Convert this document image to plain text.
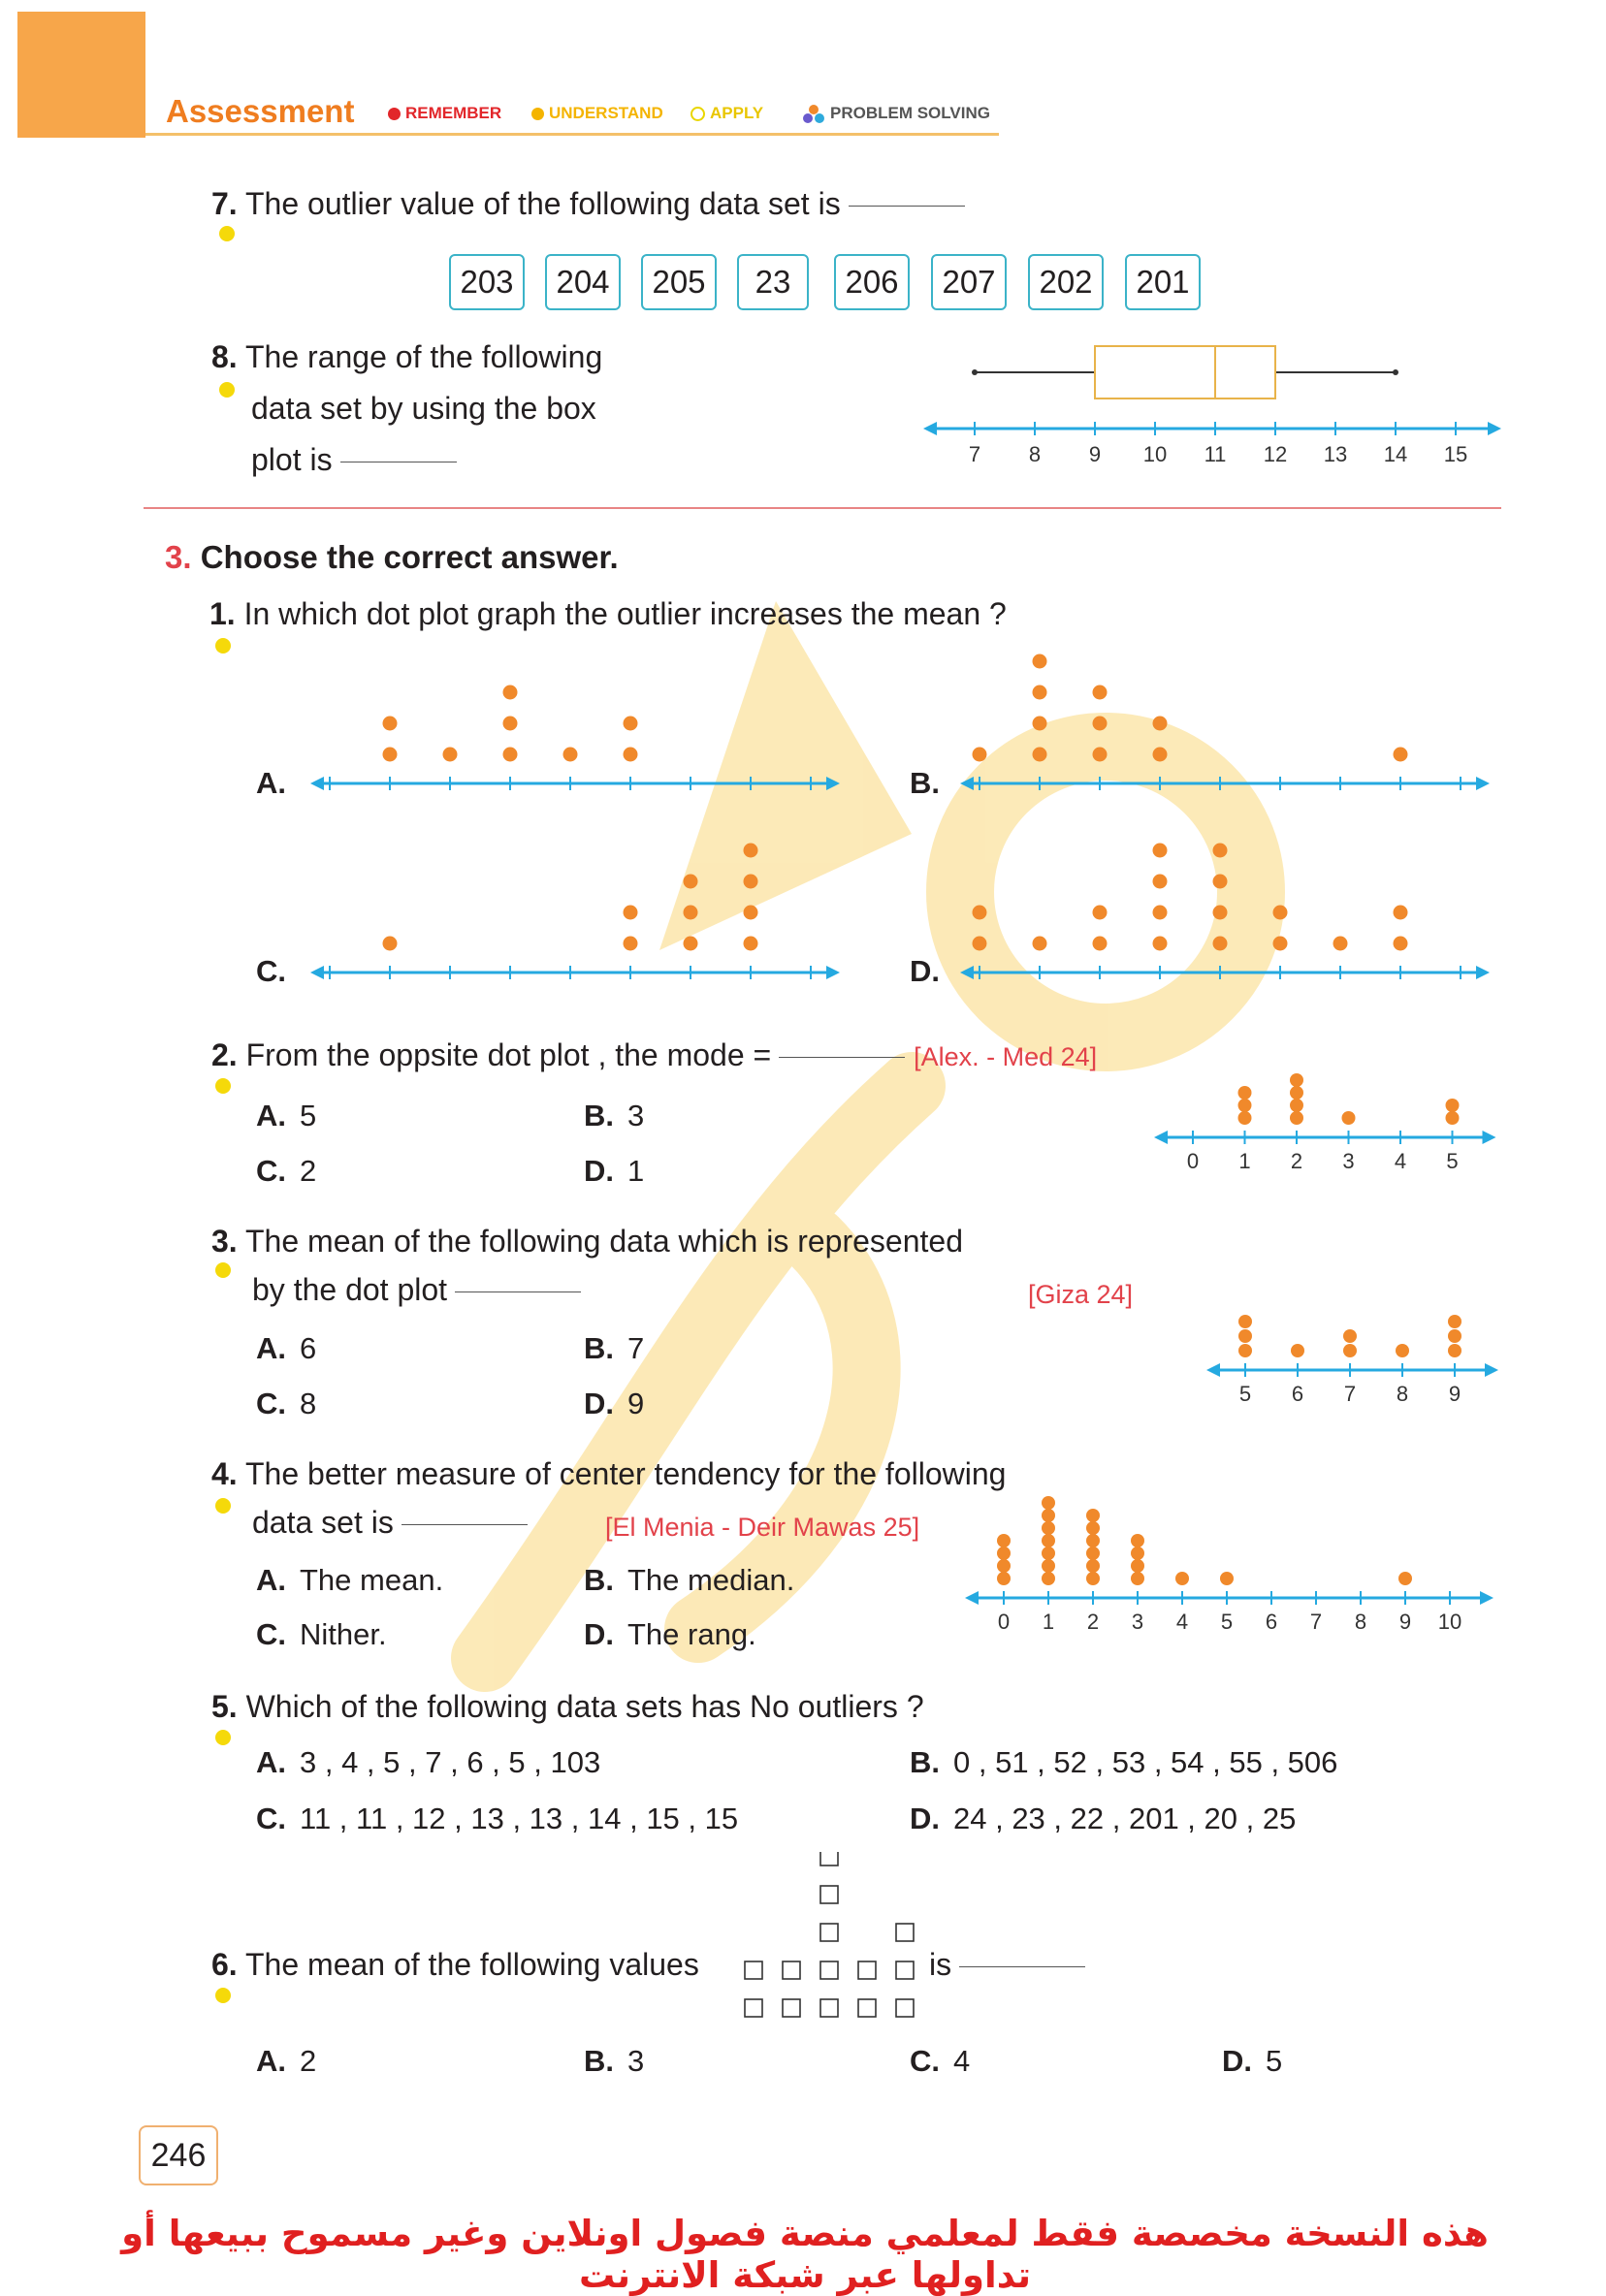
Assessment	REMEMBER	UNDERSTAND	APPLY	PROBLEM SOLVING
7. The outlier value of the following data set is
203	204	205	23	206	207	202	201
8. The range of the following
data set by using the box
plot is	7 8 9 10 11 12 13 14 15
3. Choose the correct answer.
1. In which dot plot graph the outlier increases the mean ?
A.	B.
C.	D.
2. From the oppsite dot plot , the mode =	[Alex. - Med 24]
A. 5	B. 3
C. 2	D. 1
3. The mean of the following data which is represented
by the dot plot	[Giza 24]
A. 6	B. 7
C. 8	D. 9
4. The better measure of center tendency for the following
data set is	[El Menia - Deir Mawas 25]
A. The mean.	B. The median.
C. Nither.	D. The rang.
5. Which of the following data sets has No outliers ?
A. 3 , 4 , 5 , 7 , 6 , 5 , 103	B. 0 , 51 , 52 , 53 , 54 , 55 , 506
C. 11 , 11 , 12 , 13 , 13 , 14 , 15 , 15	D. 24 , 23 , 22 , 201 , 20 , 25
6. The mean of the following values	is
A. 2	B. 3	C. 4	D. 5
0 1 2 3 4 5
5 6 7 8 9
0 1 2 3 4 5 6 7 8 9 10
246
هذه النسخة مخصصة فقط لمعلمي منصة فصول اونلاين وغير مسموح ببيعها أو تداولها عبر شبكة الانترنت
